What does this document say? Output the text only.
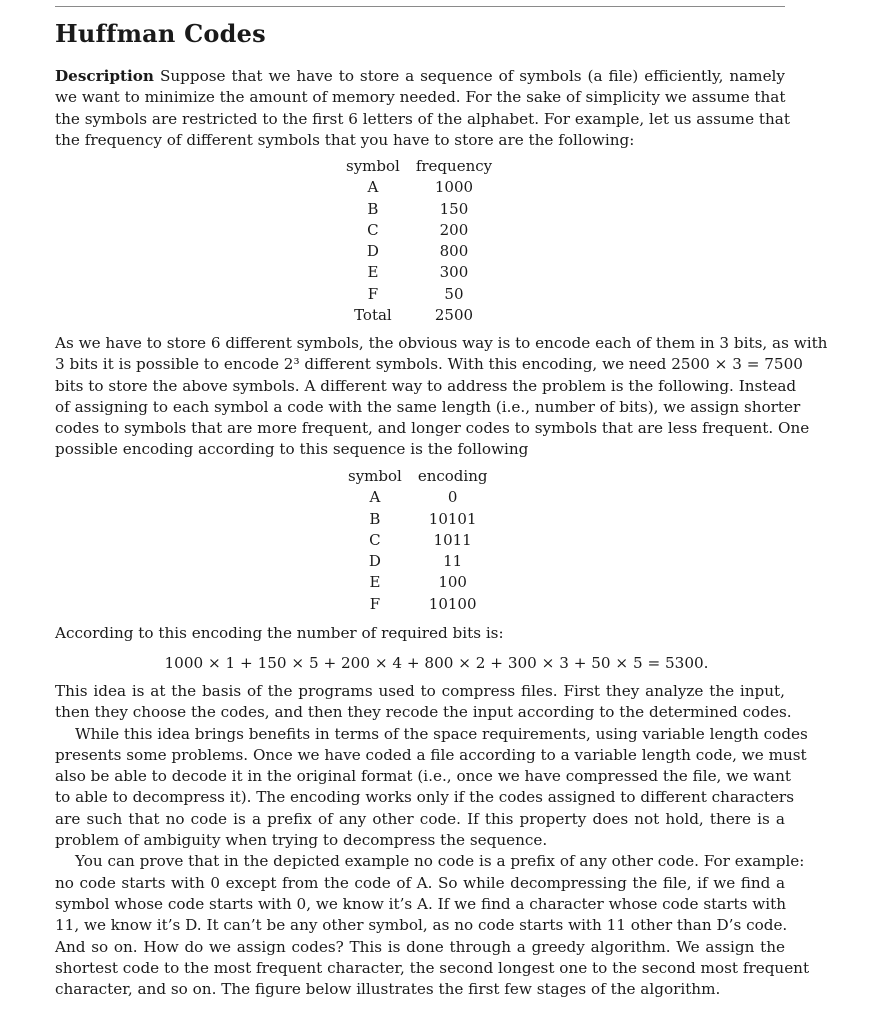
Huffman Codes
Description Suppose that we have to store a sequence of symbols (a file) efficiently, namely
we want to minimize the amount of memory needed. For the sake of simplicity we assume that
the symbols are restricted to the first 6 letters of the alphabet. For example, let us assume that
the frequency of different symbols that you have to store are the following:
symbol	frequency
A	1000
B	150
C	200
D	800
E	300
F	50
Total	2500
As we have to store 6 different symbols, the obvious way is to encode each of them in 3 bits, as with
3 bits it is possible to encode 2³ different symbols. With this encoding, we need 2500 × 3 = 7500
bits to store the above symbols. A different way to address the problem is the following. Instead
of assigning to each symbol a code with the same length (i.e., number of bits), we assign shorter
codes to symbols that are more frequent, and longer codes to symbols that are less frequent. One
possible encoding according to this sequence is the following
symbol	encoding
A	0
B	10101
C	1011
D	11
E	100
F	10100
According to this encoding the number of required bits is:
1000 × 1 + 150 × 5 + 200 × 4 + 800 × 2 + 300 × 3 + 50 × 5 = 5300.
This idea is at the basis of the programs used to compress files. First they analyze the input,
then they choose the codes, and then they recode the input according to the determined codes.
While this idea brings benefits in terms of the space requirements, using variable length codes
presents some problems. Once we have coded a file according to a variable length code, we must
also be able to decode it in the original format (i.e., once we have compressed the file, we want
to able to decompress it). The encoding works only if the codes assigned to different characters
are such that no code is a prefix of any other code. If this property does not hold, there is a
problem of ambiguity when trying to decompress the sequence.
You can prove that in the depicted example no code is a prefix of any other code. For example:
no code starts with 0 except from the code of A. So while decompressing the file, if we find a
symbol whose code starts with 0, we know it’s A. If we find a character whose code starts with
11, we know it’s D. It can’t be any other symbol, as no code starts with 11 other than D’s code.
And so on. How do we assign codes? This is done through a greedy algorithm. We assign the
shortest code to the most frequent character, the second longest one to the second most frequent
character, and so on. The figure below illustrates the first few stages of the algorithm.
